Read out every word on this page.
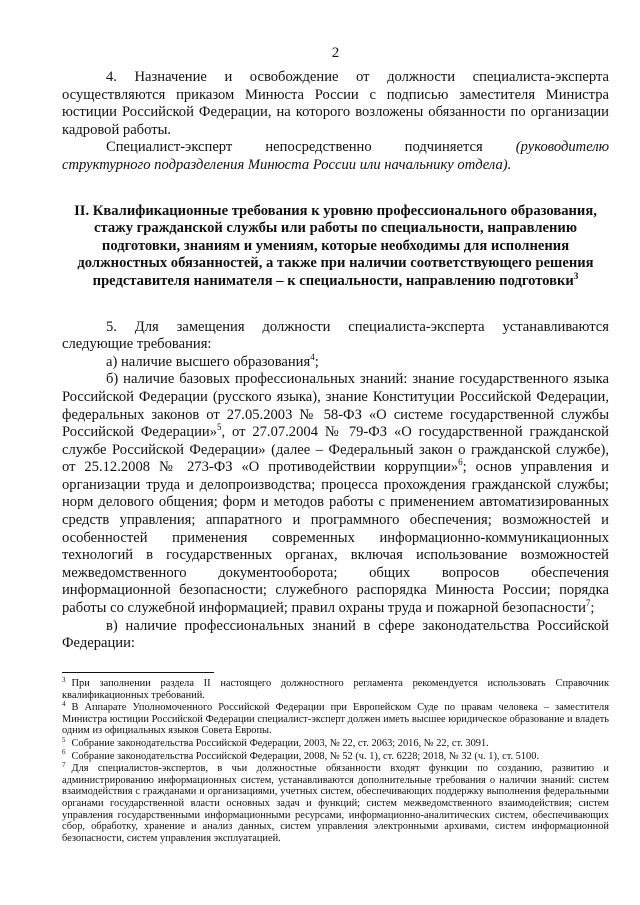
2

4. Назначение и освобождение от должности специалиста-эксперта осуществляются приказом Минюста России с подписью заместителя Министра юстиции Российской Федерации, на которого возложены обязанности по организации кадровой работы.

Специалист-эксперт непосредственно подчиняется (руководителю структурного подразделения Минюста России или начальнику отдела).

II. Квалификационные требования к уровню профессионального образования, стажу гражданской службы или работы по специальности, направлению подготовки, знаниям и умениям, которые необходимы для исполнения должностных обязанностей, а также при наличии соответствующего решения представителя нанимателя – к специальности, направлению подготовки$^3$

5. Для замещения должности специалиста-эксперта устанавливаются следующие требования:

а) наличие высшего образования$^4$;

б) наличие базовых профессиональных знаний: знание государственного языка Российской Федерации (русского языка), знание Конституции Российской Федерации, федеральных законов от 27.05.2003 № 58-ФЗ «О системе государственной службы Российской Федерации»$^5$, от 27.07.2004 № 79-ФЗ «О государственной гражданской службе Российской Федерации» (далее – Федеральный закон о гражданской службе), от 25.12.2008 № 273-ФЗ «О противодействии коррупции»$^6$; основ управления и организации труда и делопроизводства; процесса прохождения гражданской службы; норм делового общения; форм и методов работы с применением автоматизированных средств управления; аппаратного и программного обеспечения; возможностей и особенностей применения современных информационно-коммуникационных технологий в государственных органах, включая использование возможностей межведомственного документооборота; общих вопросов обеспечения информационной безопасности; служебного распорядка Минюста России; порядка работы со служебной информацией; правил охраны труда и пожарной безопасности$^7$;

в) наличие профессиональных знаний в сфере законодательства Российской Федерации:

$^3$ При заполнении раздела II настоящего должностного регламента рекомендуется использовать Справочник квалификационных требований.

$^4$ В Аппарате Уполномоченного Российской Федерации при Европейском Суде по правам человека – заместителя Министра юстиции Российской Федерации специалист-эксперт должен иметь высшее юридическое образование и владеть одним из официальных языков Совета Европы.

$^5$ Собрание законодательства Российской Федерации, 2003, № 22, ст. 2063; 2016, № 22, ст. 3091.

$^6$ Собрание законодательства Российской Федерации, 2008, № 52 (ч. 1), ст. 6228; 2018, № 32 (ч. 1), ст. 5100.

$^7$ Для специалистов-экспертов, в чьи должностные обязанности входят функции по созданию, развитию и администрированию информационных систем, устанавливаются дополнительные требования о наличии знаний: систем взаимодействия с гражданами и организациями, учетных систем, обеспечивающих поддержку выполнения федеральными органами государственной власти основных задач и функций; систем межведомственного взаимодействия; систем управления государственными информационными ресурсами, информационно-аналитических систем, обеспечивающих сбор, обработку, хранение и анализ данных, систем управления электронными архивами, систем информационной безопасности, систем управления эксплуатацией.
